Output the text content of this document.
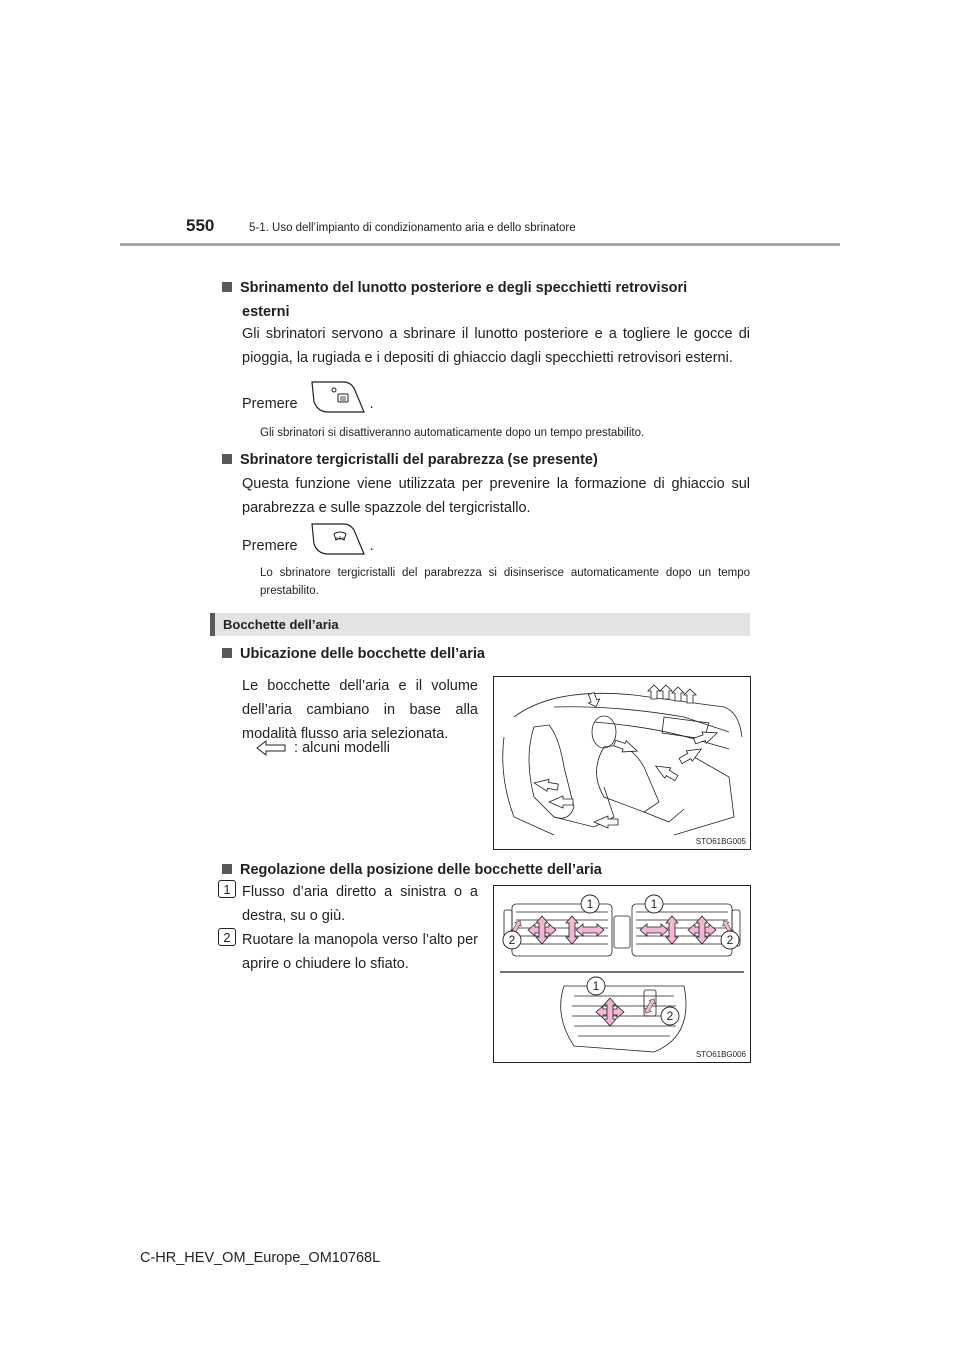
550	5-1. Uso dell’impianto di condizionamento aria e dello sbrinatore
Sbrinamento del lunotto posteriore e degli specchietti retrovisori
esterni
Gli sbrinatori servono a sbrinare il lunotto posteriore e a togliere le gocce di pioggia, la rugiada e i depositi di ghiaccio dagli specchietti retrovisori esterni.
Premere	.
Gli sbrinatori si disattiveranno automaticamente dopo un tempo prestabilito.
Sbrinatore tergicristalli del parabrezza (se presente)
Questa funzione viene utilizzata per prevenire la formazione di ghiaccio sul parabrezza e sulle spazzole del tergicristallo.
Premere	.
Lo sbrinatore tergicristalli del parabrezza si disinserisce automaticamente dopo un tempo prestabilito.
Bocchette dell’aria
Ubicazione delle bocchette dell’aria
Le bocchette dell’aria e il volume dell’aria cambiano in base alla modalità flusso aria selezionata.
: alcuni modelli
STO61BG005
Regolazione della posizione delle bocchette dell’aria
1 Flusso d’aria diretto a sinistra o a destra, su o giù.
2 Ruotare la manopola verso l’alto per aprire o chiudere lo sfiato.
1	1
2	2
1
2
STO61BG006
C-HR_HEV_OM_Europe_OM10768L
